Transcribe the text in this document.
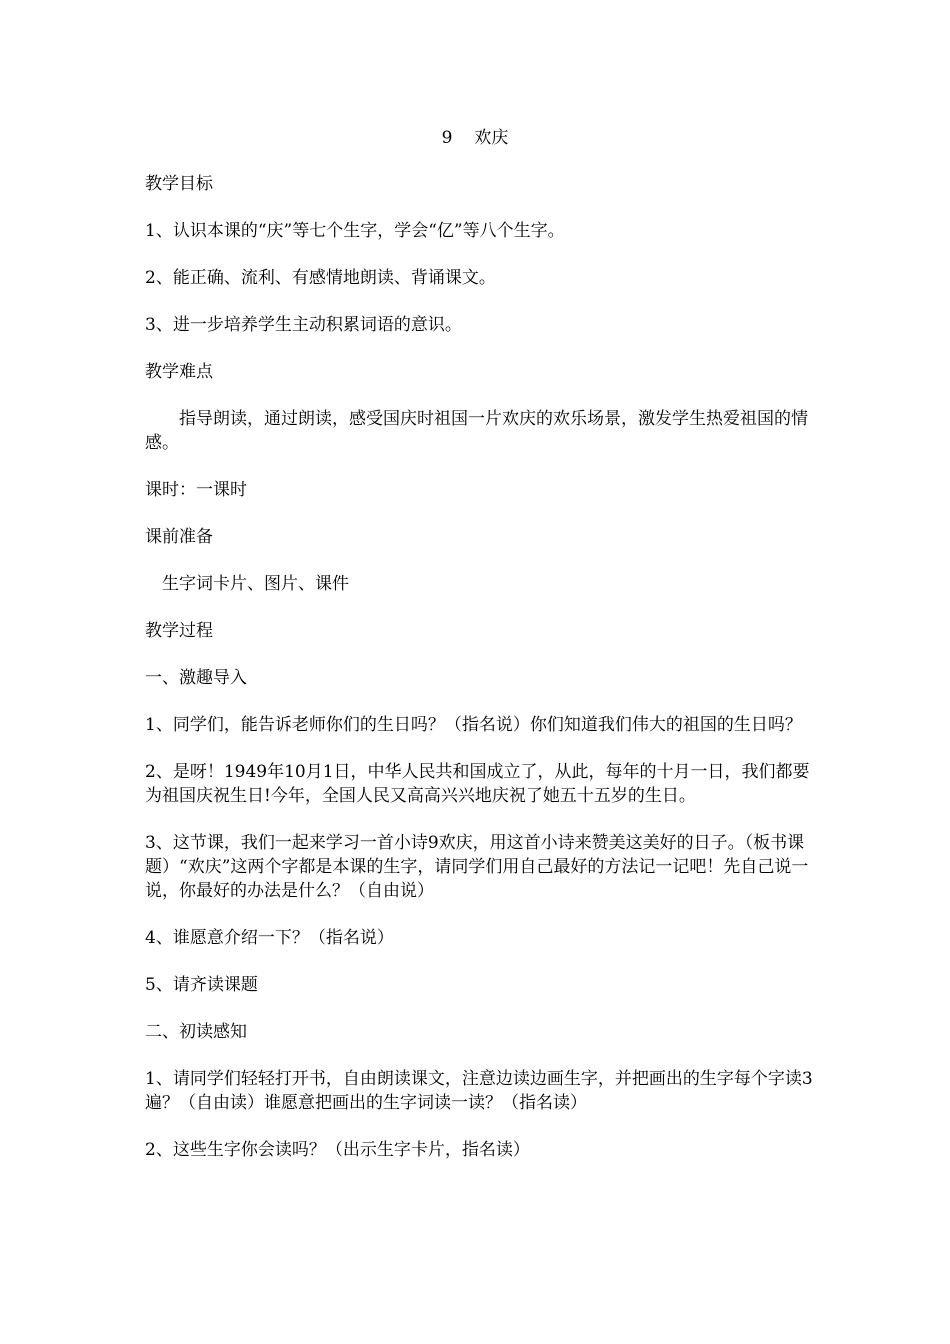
9 欢庆

教学目标

1、认识本课的“庆”等七个生字，学会“亿”等八个生字。

2、能正确、流利、有感情地朗读、背诵课文。

3、进一步培养学生主动积累词语的意识。

教学难点

指导朗读，通过朗读，感受国庆时祖国一片欢庆的欢乐场景，激发学生热爱祖国的情感。

课时：一课时

课前准备

生字词卡片、图片、课件

教学过程

一、激趣导入

1、同学们，能告诉老师你们的生日吗？（指名说）你们知道我们伟大的祖国的生日吗？

2、是呀！1949年10月1日，中华人民共和国成立了，从此，每年的十月一日，我们都要为祖国庆祝生日!今年，全国人民又高高兴兴地庆祝了她五十五岁的生日。

3、这节课，我们一起来学习一首小诗9欢庆，用这首小诗来赞美这美好的日子。（板书课题）“欢庆”这两个字都是本课的生字，请同学们用自己最好的方法记一记吧！先自己说一说，你最好的办法是什么？（自由说）

4、谁愿意介绍一下？（指名说）

5、请齐读课题

二、初读感知

1、请同学们轻轻打开书，自由朗读课文，注意边读边画生字，并把画出的生字每个字读3遍？（自由读）谁愿意把画出的生字词读一读？（指名读）

2、这些生字你会读吗？（出示生字卡片，指名读）
